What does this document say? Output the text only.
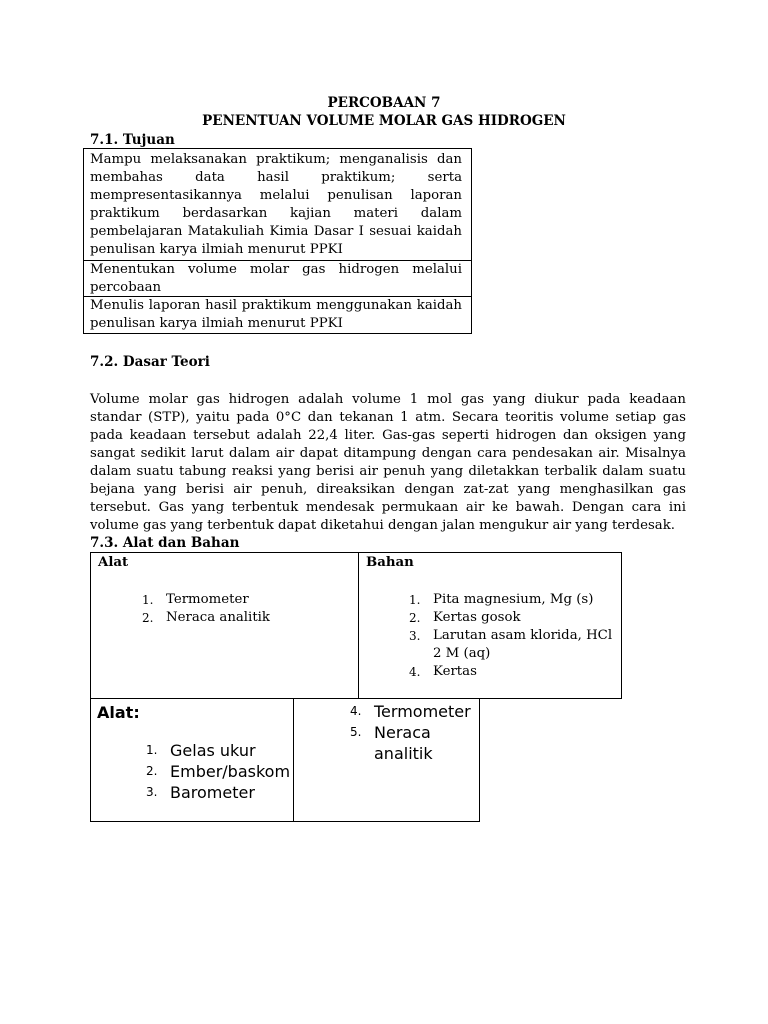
PERCOBAAN 7
PENENTUAN VOLUME MOLAR GAS HIDROGEN
7.1. Tujuan
Mampu melaksanakan praktikum; menganalisis dan membahas data hasil praktikum; serta mempresentasikannya melalui penulisan laporan praktikum berdasarkan kajian materi dalam pembelajaran Matakuliah Kimia Dasar I sesuai kaidah penulisan karya ilmiah menurut PPKI
Menentukan volume molar gas hidrogen melalui percobaan
Menulis laporan hasil praktikum menggunakan kaidah penulisan karya ilmiah menurut PPKI
7.2. Dasar Teori
Volume molar gas hidrogen adalah volume 1 mol gas yang diukur pada keadaan standar (STP), yaitu pada 0°C dan tekanan 1 atm. Secara teoritis volume setiap gas pada keadaan tersebut adalah 22,4 liter. Gas-gas seperti hidrogen dan oksigen yang sangat sedikit larut dalam air dapat ditampung dengan cara pendesakan air. Misalnya dalam suatu tabung reaksi yang berisi air penuh yang diletakkan terbalik dalam suatu bejana yang berisi air penuh, direaksikan dengan zat-zat yang menghasilkan gas tersebut. Gas yang terbentuk mendesak permukaan air ke bawah. Dengan cara ini volume gas yang terbentuk dapat diketahui dengan jalan mengukur air yang terdesak.
7.3. Alat dan Bahan
Alat
1. Termometer
2. Neraca analitik
Bahan
1. Pita magnesium, Mg (s)
2. Kertas gosok
3. Larutan asam klorida, HCl 2 M (aq)
4. Kertas
Alat:
1. Gelas ukur
2. Ember/baskom
3. Barometer
4. Termometer
5. Neraca analitik
